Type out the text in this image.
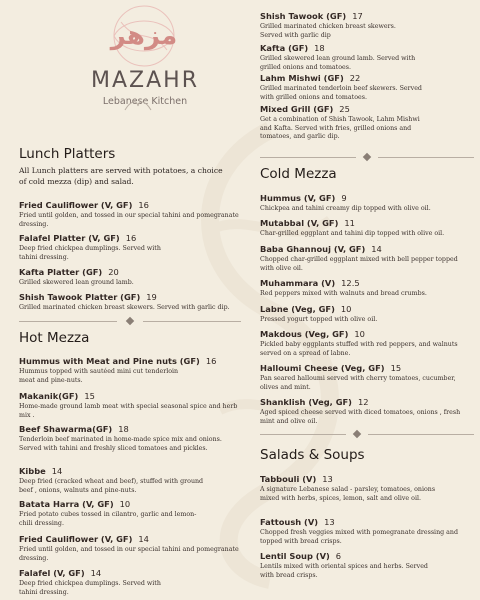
مزهر
MAZAHR
Lebanese Kitchen
Lunch Platters
All Lunch platters are served with potatoes, a choice of cold mezza (dip) and salad.
Fried Cauliflower (V, GF) 16
Fried until golden, and tossed in our special tahini and pomegranate dressing.
Falafel Platter (V, GF) 16
Deep fried chickpea dumplings. Served with tahini dressing.
Kafta Platter (GF) 20
Grilled skewered lean ground lamb.
Shish Tawook Platter (GF) 19
Grilled marinated chicken breast skewers. Served with garlic dip.
Hot Mezza
Hummus with Meat and Pine nuts (GF) 16
Hummus topped with sautéed mini cut tenderloin meat and pine-nuts.
Makanik(GF) 15
Home-made ground lamb meat with special seasonal spice and herb mix .
Beef Shawarma(GF) 18
Tenderloin beef marinated in home-made spice mix and onions. Served with tahini and freshly sliced tomatoes and pickles.
Kibbe 14
Deep fried (cracked wheat and beef), stuffed with ground beef , onions, walnuts and pine-nuts.
Batata Harra (V, GF) 10
Fried potato cubes tossed in cilantro, garlic and lemon-chili dressing.
Fried Cauliflower (V, GF) 14
Fried until golden, and tossed in our special tahini and pomegranate dressing.
Falafel (V, GF) 14
Deep fried chickpea dumplings. Served with tahini dressing.
Shish Tawook (GF) 17
Grilled marinated chicken breast skewers. Served with garlic dip
Kafta (GF) 18
Grilled skewered lean ground lamb. Served with grilled onions and tomatoes.
Lahm Mishwi (GF) 22
Grilled marinated tenderloin beef skewers. Served with grilled onions and tomatoes.
Mixed Grill (GF) 25
Get a combination of Shish Tawook, Lahm Mishwi and Kafta. Served with fries, grilled onions and tomatoes, and garlic dip.
Cold Mezza
Hummus (V, GF) 9
Chickpea and tahini creamy dip topped with olive oil.
Mutabbal (V, GF) 11
Char-grilled eggplant and tahini dip topped with olive oil.
Baba Ghannouj (V, GF) 14
Chopped char-grilled eggplant mixed with bell pepper topped with olive oil.
Muhammara (V) 12.5
Red peppers mixed with walnuts and bread crumbs.
Labne (Veg, GF) 10
Pressed yogurt topped with olive oil.
Makdous (Veg, GF) 10
Pickled baby eggplants stuffed with red peppers, and walnuts served on a spread of labne.
Halloumi Cheese (Veg, GF) 15
Pan seared halloumi served with cherry tomatoes, cucumber, olives and mint.
Shanklish (Veg, GF) 12
Aged spiced cheese served with diced tomatoes, onions , fresh mint and olive oil.
Salads & Soups
Tabbouli (V) 13
A signature Lebanese salad - parsley, tomatoes, onions mixed with herbs, spices, lemon, salt and olive oil.
Fattoush (V) 13
Chopped fresh veggies mixed with pomegranate dressing and topped with bread crisps.
Lentil Soup (V) 6
Lentils mixed with oriental spices and herbs. Served with bread crisps.
